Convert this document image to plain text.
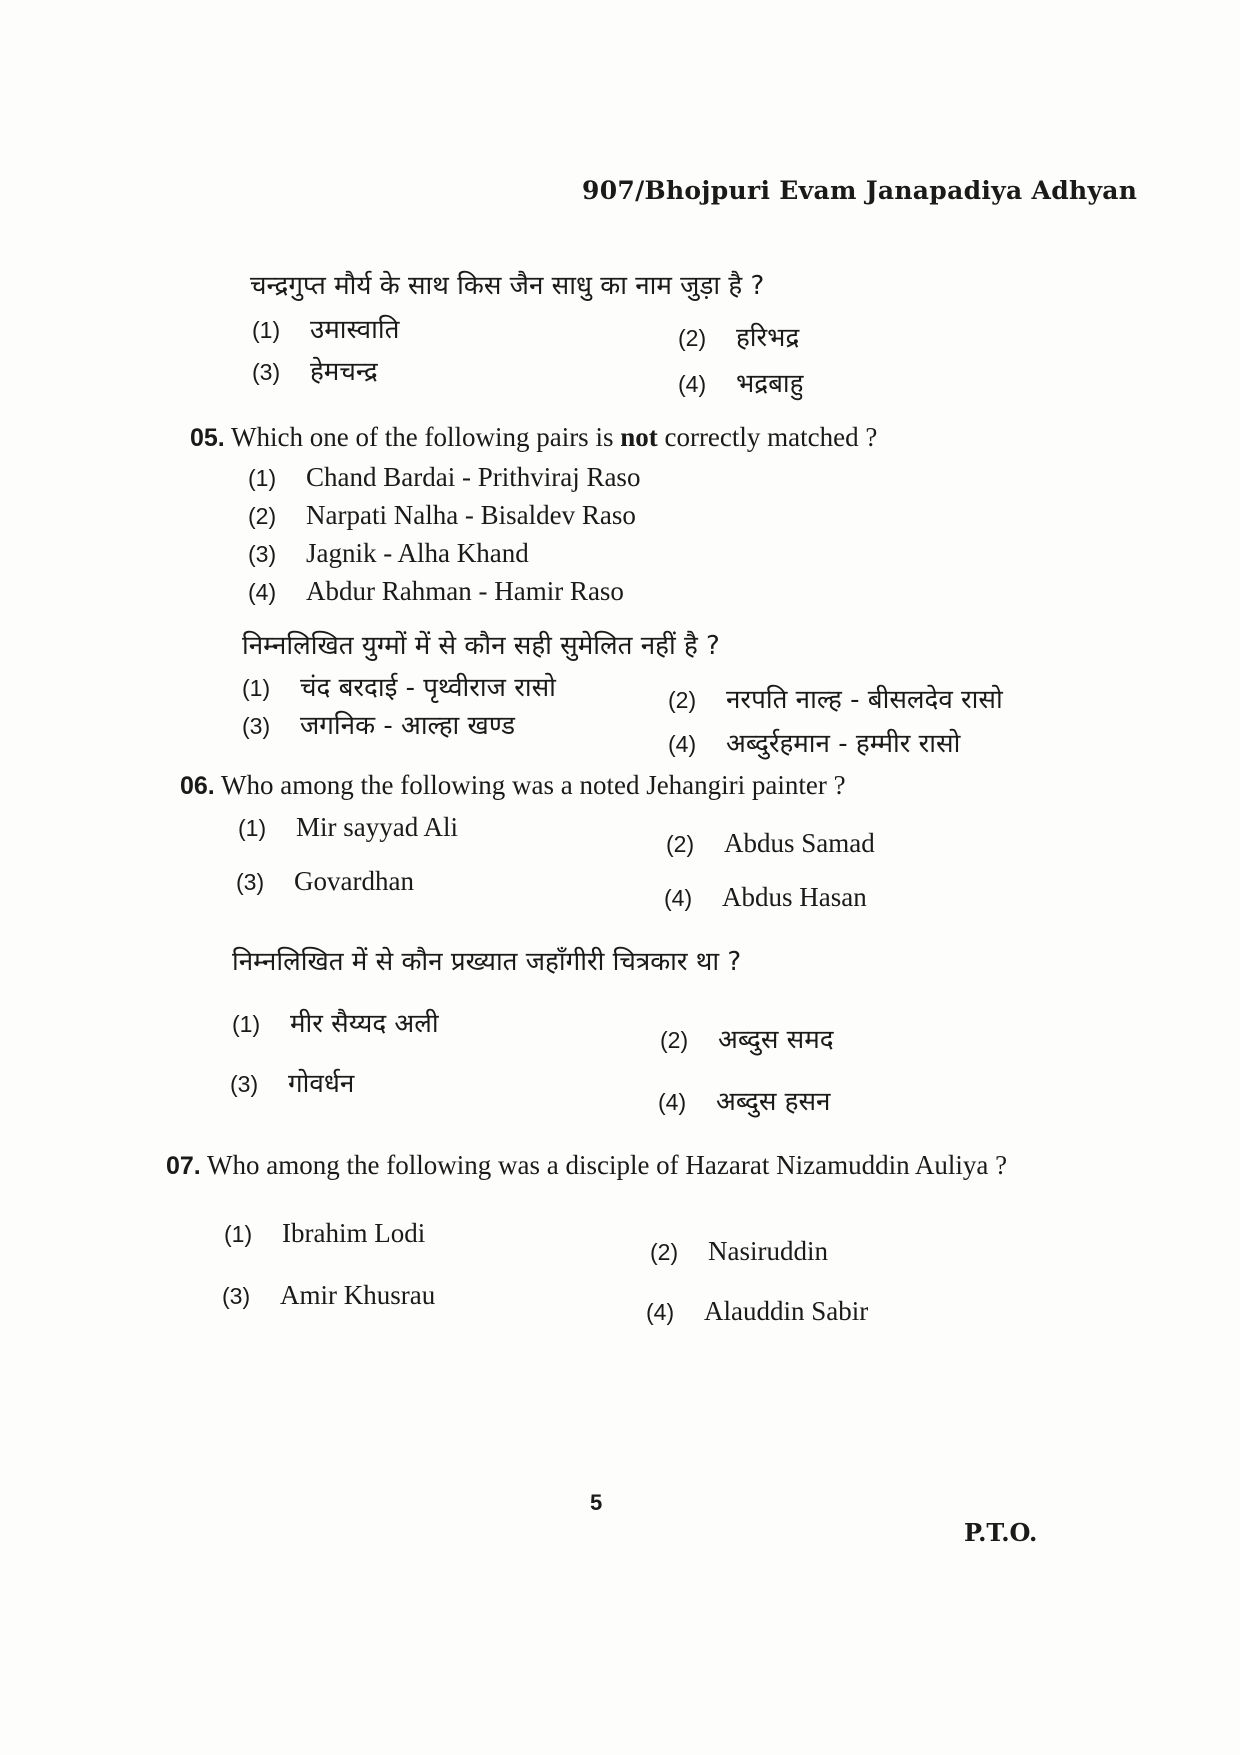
907/Bhojpuri Evam Janapadiya Adhyan
चन्द्रगुप्त मौर्य के साथ किस जैन साधु का नाम जुड़ा है ?
(1) उमास्वाति	(2) हरिभद्र
(3) हेमचन्द्र	(4) भद्रबाहु
05. Which one of the following pairs is not correctly matched ?
(1) Chand Bardai - Prithviraj Raso
(2) Narpati Nalha - Bisaldev Raso
(3) Jagnik - Alha Khand
(4) Abdur Rahman - Hamir Raso
निम्नलिखित युग्मों में से कौन सही सुमेलित नहीं है ?
(1) चंद बरदाई - पृथ्वीराज रासो	(2) नरपति नाल्ह - बीसलदेव रासो
(3) जगनिक - आल्हा खण्ड
(4) अब्दुर्रहमान - हम्मीर रासो
06. Who among the following was a noted Jehangiri painter ?
(1) Mir sayyad Ali
(2) Abdus Samad
(3) Govardhan
(4) Abdus Hasan
निम्नलिखित में से कौन प्रख्यात जहाँगीरी चित्रकार था ?
(1) मीर सैय्यद अली
(2) अब्दुस समद
(3) गोवर्धन
(4) अब्दुस हसन
07. Who among the following was a disciple of Hazarat Nizamuddin Auliya ?
(1) Ibrahim Lodi
(2) Nasiruddin
(3) Amir Khusrau
(4) Alauddin Sabir
5
P.T.O.
